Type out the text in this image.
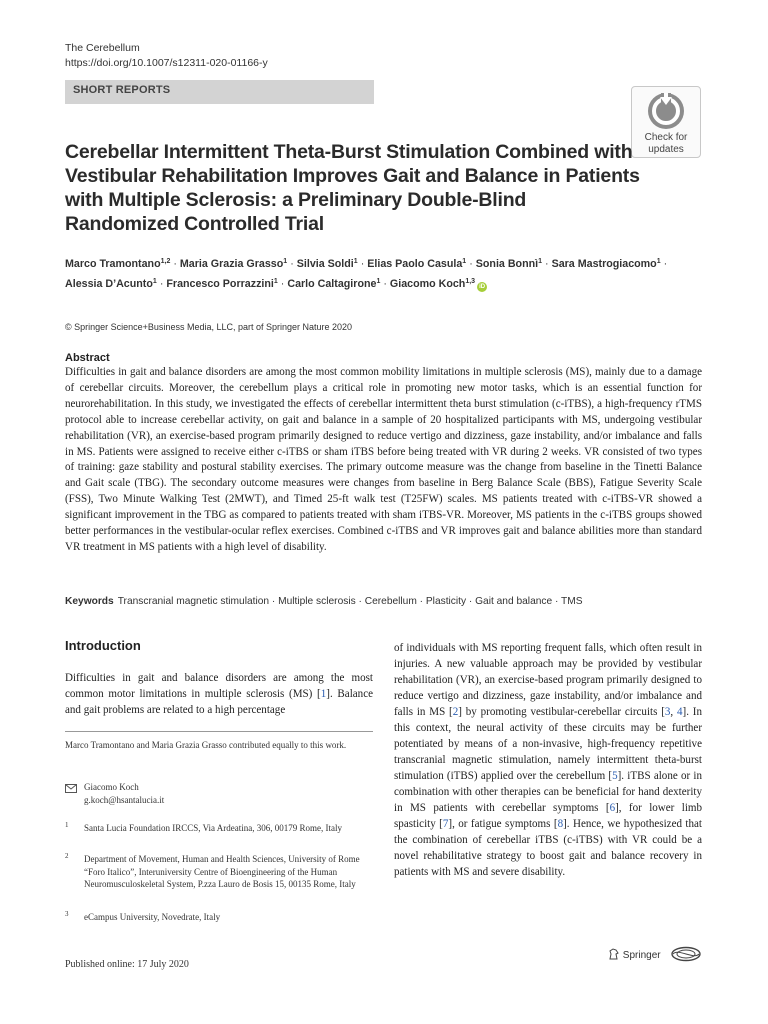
The Cerebellum
https://doi.org/10.1007/s12311-020-01166-y
SHORT REPORTS
Check for
updates
Cerebellar Intermittent Theta-Burst Stimulation Combined with Vestibular Rehabilitation Improves Gait and Balance in Patients with Multiple Sclerosis: a Preliminary Double-Blind Randomized Controlled Trial
Marco Tramontano$^{1,2}$ · Maria Grazia Grasso$^1$ · Silvia Soldi$^1$ · Elias Paolo Casula$^1$ · Sonia Bonnì$^1$ · Sara Mastrogiacomo$^1$ ·
Alessia D’Acunto$^1$ · Francesco Porrazzini$^1$ · Carlo Caltagirone$^1$ · Giacomo Koch$^{1,3}$iD
© Springer Science+Business Media, LLC, part of Springer Nature 2020
Abstract
Difficulties in gait and balance disorders are among the most common mobility limitations in multiple sclerosis (MS), mainly due to a damage of cerebellar circuits. Moreover, the cerebellum plays a critical role in promoting new motor tasks, which is an essential function for neurorehabilitation. In this study, we investigated the effects of cerebellar intermittent theta burst stimulation (c-iTBS), a high-frequency rTMS protocol able to increase cerebellar activity, on gait and balance in a sample of 20 hospitalized participants with MS, undergoing vestibular rehabilitation (VR), an exercise-based program primarily designed to reduce vertigo and dizziness, gaze instability, and/or imbalance and falls in MS. Patients were assigned to receive either c-iTBS or sham iTBS before being treated with VR during 2 weeks. VR consisted of two types of training: gaze stability and postural stability exercises. The primary outcome measure was the change from baseline in the Tinetti Balance and Gait scale (TBG). The secondary outcome measures were changes from baseline in Berg Balance Scale (BBS), Fatigue Severity Scale (FSS), Two Minute Walking Test (2MWT), and Timed 25-ft walk test (T25FW) scales. MS patients treated with c-iTBS-VR showed a significant improvement in the TBG as compared to patients treated with sham iTBS-VR. Moreover, MS patients in the c-iTBS groups showed better performances in the vestibular-ocular reflex exercises. Combined c-iTBS and VR improves gait and balance abilities more than standard VR treatment in MS patients with a high level of disability.
Keywords Transcranial magnetic stimulation · Multiple sclerosis · Cerebellum · Plasticity · Gait and balance · TMS
Introduction
Difficulties in gait and balance disorders are among the most common motor limitations in multiple sclerosis (MS) [1]. Balance and gait problems are related to a high percentage
Marco Tramontano and Maria Grazia Grasso contributed equally to this work.
Giacomo Koch
g.koch@hsantalucia.it
1 Santa Lucia Foundation IRCCS, Via Ardeatina, 306, 00179 Rome, Italy
2 Department of Movement, Human and Health Sciences, University of Rome “Foro Italico”, Interuniversity Centre of Bioengineering of the Human Neuromusculoskeletal System, P.zza Lauro de Bosis 15, 00135 Rome, Italy
3 eCampus University, Novedrate, Italy
of individuals with MS reporting frequent falls, which often result in injuries. A new valuable approach may be provided by vestibular rehabilitation (VR), an exercise-based program primarily designed to reduce vertigo and dizziness, gaze instability, and/or imbalance and falls in MS [2] by promoting vestibular-cerebellar circuits [3, 4]. In this context, the neural activity of these circuits may be further potentiated by means of a non-invasive, high-frequency repetitive transcranial magnetic stimulation, namely intermittent theta-burst stimulation (iTBS) applied over the cerebellum [5]. iTBS alone or in combination with other therapies can be beneficial for hand dexterity in MS patients with cerebellar symptoms [6], for lower limb spasticity [7], or fatigue symptoms [8]. Hence, we hypothesized that the combination of cerebellar iTBS (c-iTBS) with VR could be a novel rehabilitative strategy to boost gait and balance recovery in patients with MS and severe disability.
Published online: 17 July 2020
Springer
